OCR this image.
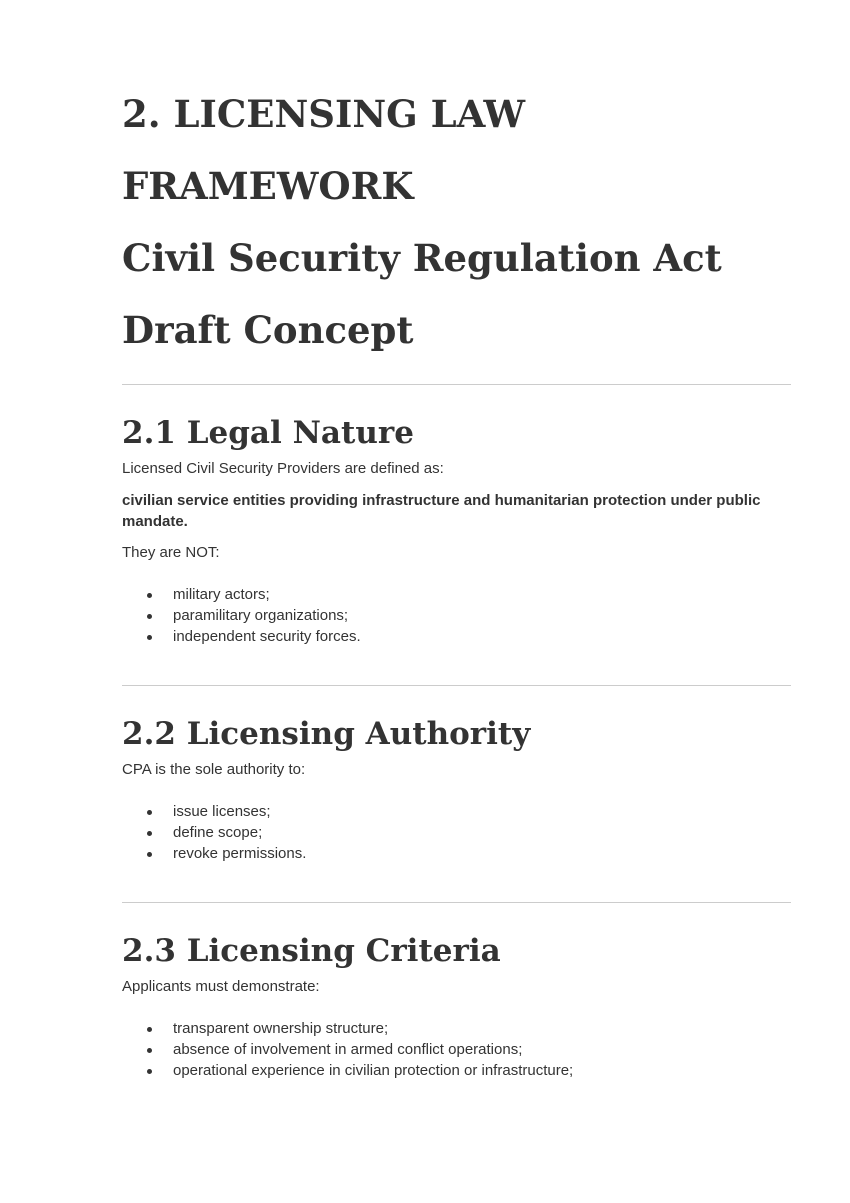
2. LICENSING LAW
FRAMEWORK
Civil Security Regulation Act
Draft Concept
2.1 Legal Nature

Licensed Civil Security Providers are defined as:

civilian service entities providing infrastructure and humanitarian protection under public mandate.

They are NOT:

military actors;
paramilitary organizations;
independent security forces.
2.2 Licensing Authority

CPA is the sole authority to:

issue licenses;
define scope;
revoke permissions.
2.3 Licensing Criteria

Applicants must demonstrate:

transparent ownership structure;
absence of involvement in armed conflict operations;
operational experience in civilian protection or infrastructure;
